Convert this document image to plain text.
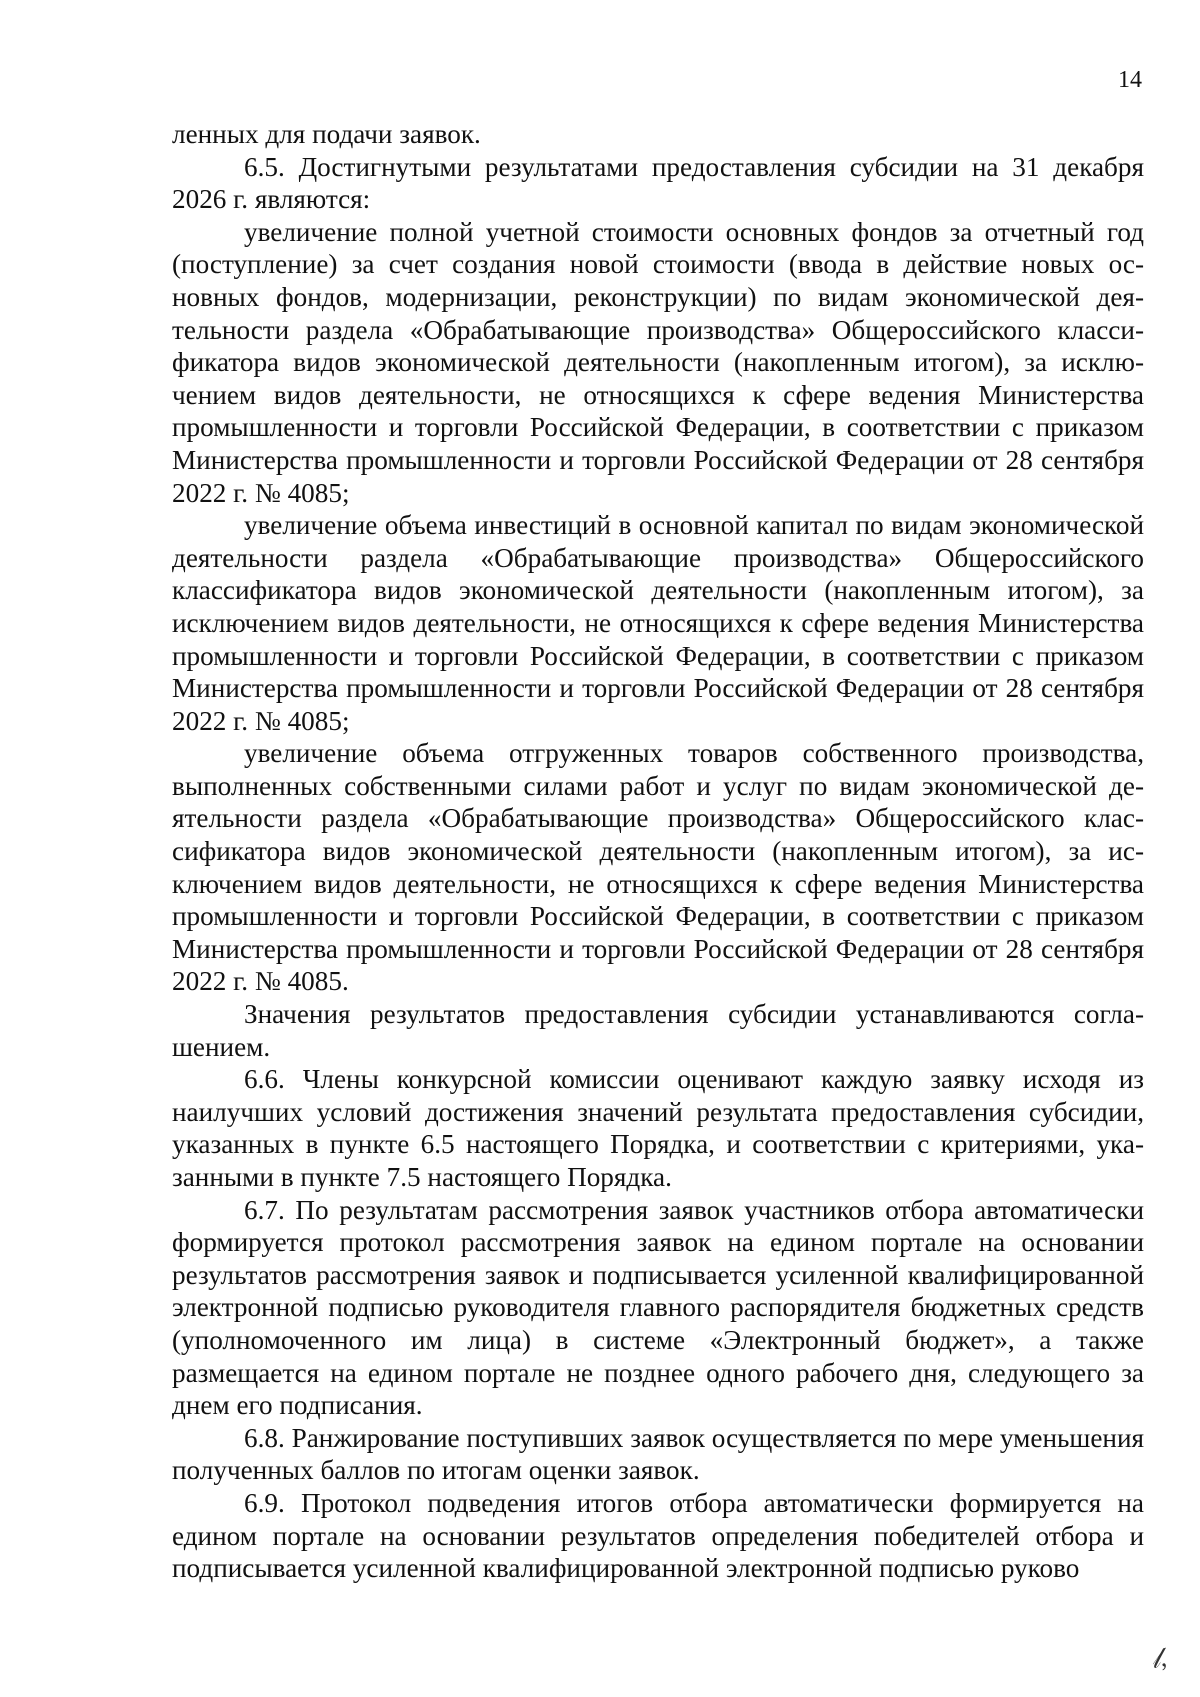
14

ленных для подачи заявок.

6.5. Достигнутыми результатами предоставления субсидии на 31 декабря 2026 г. являются:

увеличение полной учетной стоимости основных фондов за отчетный год (поступление) за счет создания новой стоимости (ввода в действие новых основных фондов, модернизации, реконструкции) по видам экономической деятельности раздела «Обрабатывающие производства» Общероссийского классификатора видов экономической деятельности (накопленным итогом), за исключением видов деятельности, не относящихся к сфере ведения Министерства промышленности и торговли Российской Федерации, в соответствии с приказом Министерства промышленности и торговли Российской Федерации от 28 сентября 2022 г. № 4085;

увеличение объема инвестиций в основной капитал по видам экономической деятельности раздела «Обрабатывающие производства» Общероссийского классификатора видов экономической деятельности (накопленным итогом), за исключением видов деятельности, не относящихся к сфере ведения Министерства промышленности и торговли Российской Федерации, в соответствии с приказом Министерства промышленности и торговли Российской Федерации от 28 сентября 2022 г. № 4085;

увеличение объема отгруженных товаров собственного производства, выполненных собственными силами работ и услуг по видам экономической деятельности раздела «Обрабатывающие производства» Общероссийского классификатора видов экономической деятельности (накопленным итогом), за исключением видов деятельности, не относящихся к сфере ведения Министерства промышленности и торговли Российской Федерации, в соответствии с приказом Министерства промышленности и торговли Российской Федерации от 28 сентября 2022 г. № 4085.

Значения результатов предоставления субсидии устанавливаются соглашением.

6.6. Члены конкурсной комиссии оценивают каждую заявку исходя из наилучших условий достижения значений результата предоставления субсидии, указанных в пункте 6.5 настоящего Порядка, и соответствии с критериями, указанными в пункте 7.5 настоящего Порядка.

6.7. По результатам рассмотрения заявок участников отбора автоматически формируется протокол рассмотрения заявок на едином портале на основании результатов рассмотрения заявок и подписывается усиленной квалифицированной электронной подписью руководителя главного распорядителя бюджетных средств (уполномоченного им лица) в системе «Электронный бюджет», а также размещается на едином портале не позднее одного рабочего дня, следующего за днем его подписания.

6.8. Ранжирование поступивших заявок осуществляется по мере уменьшения полученных баллов по итогам оценки заявок.

6.9. Протокол подведения итогов отбора автоматически формируется на едином портале на основании результатов определения победителей отбора и подписывается усиленной квалифицированной электронной подписью руково

𝓁,
